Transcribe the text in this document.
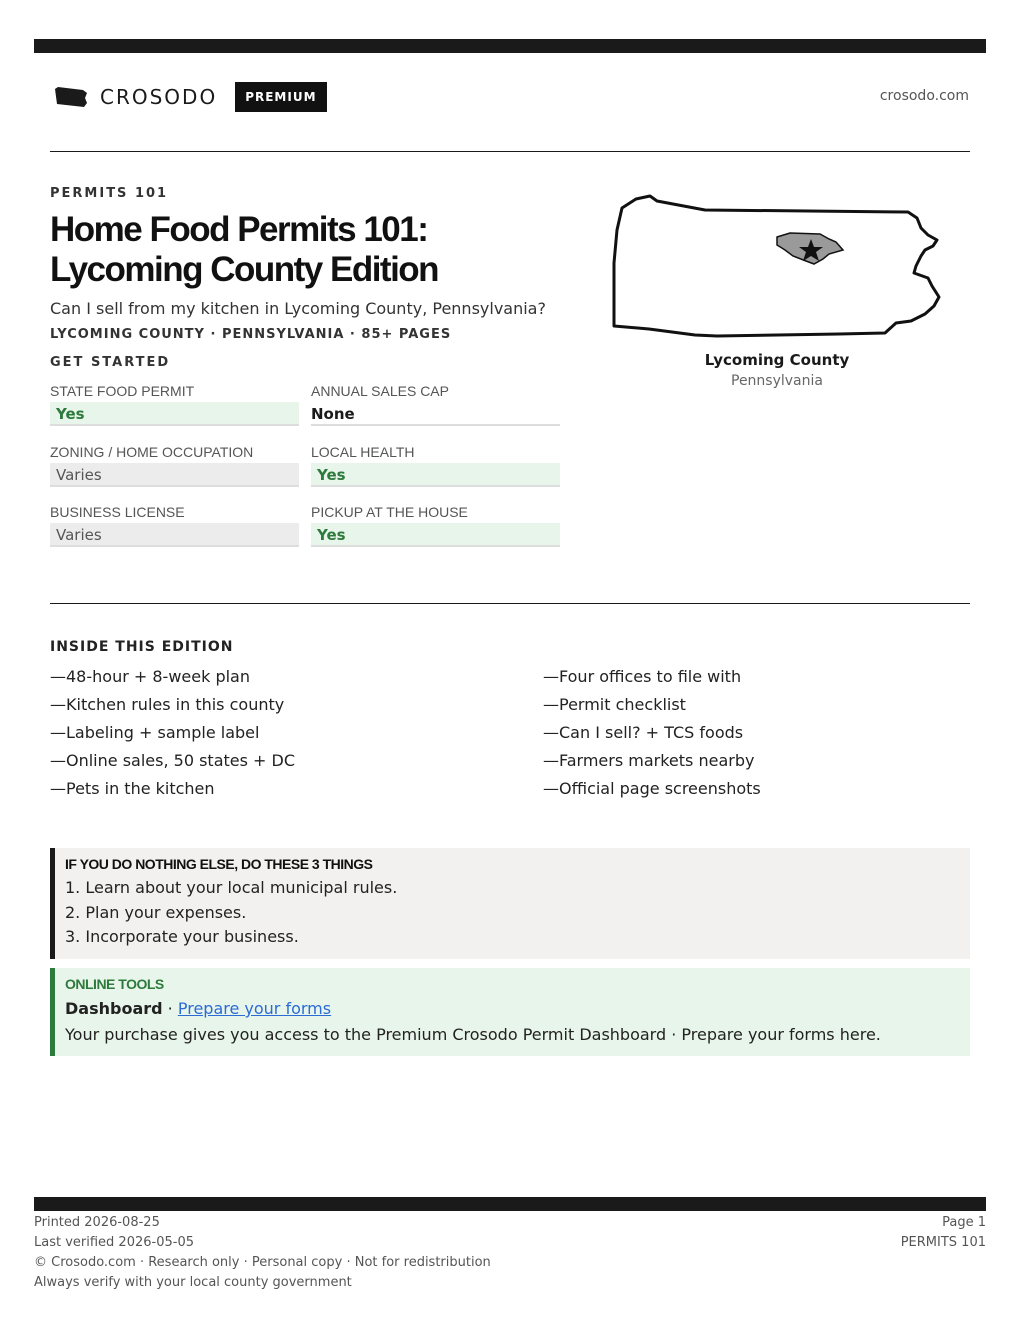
CROSODO	PREMIUM	crosodo.com
PERMITS 101
Home Food Permits 101:
Lycoming County Edition
Can I sell from my kitchen in Lycoming County, Pennsylvania?
LYCOMING COUNTY · PENNSYLVANIA · 85+ PAGES
GET STARTED
STATE FOOD PERMIT
Yes
ANNUAL SALES CAP
None
ZONING / HOME OCCUPATION
Varies
LOCAL HEALTH
Yes
BUSINESS LICENSE
Varies
PICKUP AT THE HOUSE
Yes
Lycoming County
Pennsylvania
INSIDE THIS EDITION
—48-hour + 8-week plan
—Kitchen rules in this county
—Labeling + sample label
—Online sales, 50 states + DC
—Pets in the kitchen
—Four offices to file with
—Permit checklist
—Can I sell? + TCS foods
—Farmers markets nearby
—Official page screenshots
IF YOU DO NOTHING ELSE, DO THESE 3 THINGS
1. Learn about your local municipal rules.
2. Plan your expenses.
3. Incorporate your business.
ONLINE TOOLS
Dashboard · Prepare your forms
Your purchase gives you access to the Premium Crosodo Permit Dashboard · Prepare your forms here.
Printed 2026-08-25
Last verified 2026-05-05
© Crosodo.com · Research only · Personal copy · Not for redistribution
Always verify with your local county government
Page 1
PERMITS 101
